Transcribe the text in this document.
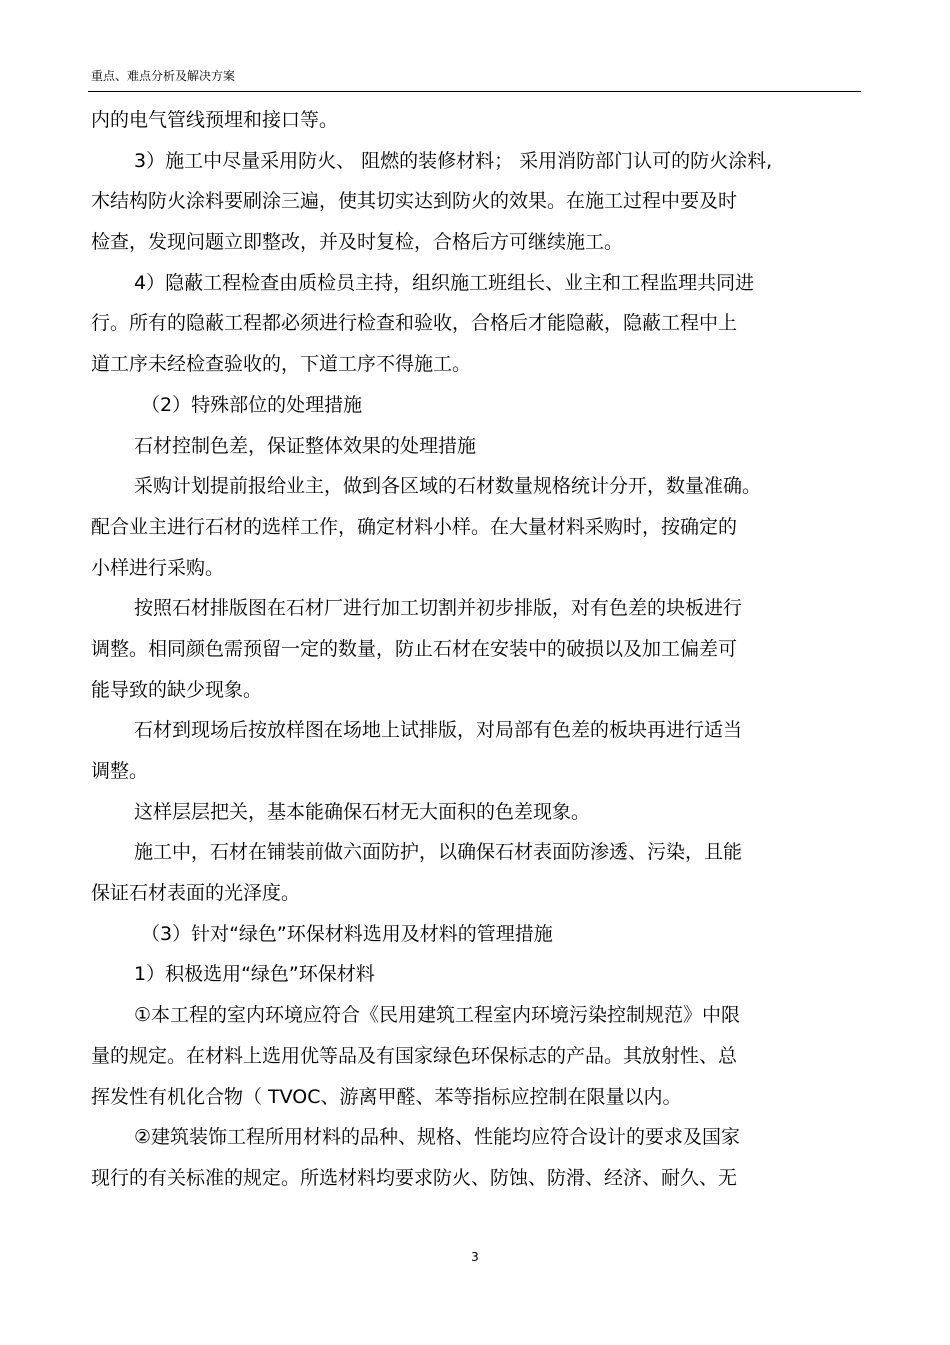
重点、难点分析及解决方案
内的电气管线预埋和接口等。
3）施工中尽量采用防火、 阻燃的装修材料； 采用消防部门认可的防火涂料,
木结构防火涂料要刷涂三遍，使其切实达到防火的效果。在施工过程中要及时
检查，发现问题立即整改，并及时复检，合格后方可继续施工。
4）隐蔽工程检查由质检员主持，组织施工班组长、业主和工程监理共同进
行。所有的隐蔽工程都必须进行检查和验收，合格后才能隐蔽，隐蔽工程中上
道工序未经检查验收的，下道工序不得施工。
（2）特殊部位的处理措施
石材控制色差，保证整体效果的处理措施
采购计划提前报给业主，做到各区域的石材数量规格统计分开，数量准确。
配合业主进行石材的选样工作，确定材料小样。在大量材料采购时，按确定的
小样进行采购。
按照石材排版图在石材厂进行加工切割并初步排版，对有色差的块板进行
调整。相同颜色需预留一定的数量，防止石材在安装中的破损以及加工偏差可
能导致的缺少现象。
石材到现场后按放样图在场地上试排版，对局部有色差的板块再进行适当
调整。
这样层层把关，基本能确保石材无大面积的色差现象。
施工中，石材在铺装前做六面防护，以确保石材表面防渗透、污染，且能
保证石材表面的光泽度。
（3）针对“绿色”环保材料选用及材料的管理措施
1）积极选用“绿色”环保材料
①本工程的室内环境应符合《民用建筑工程室内环境污染控制规范》中限
量的规定。在材料上选用优等品及有国家绿色环保标志的产品。其放射性、总
挥发性有机化合物（ TVOC、游离甲醛、苯等指标应控制在限量以内。
②建筑装饰工程所用材料的品种、规格、性能均应符合设计的要求及国家
现行的有关标准的规定。所选材料均要求防火、防蚀、防滑、经济、耐久、无
3
